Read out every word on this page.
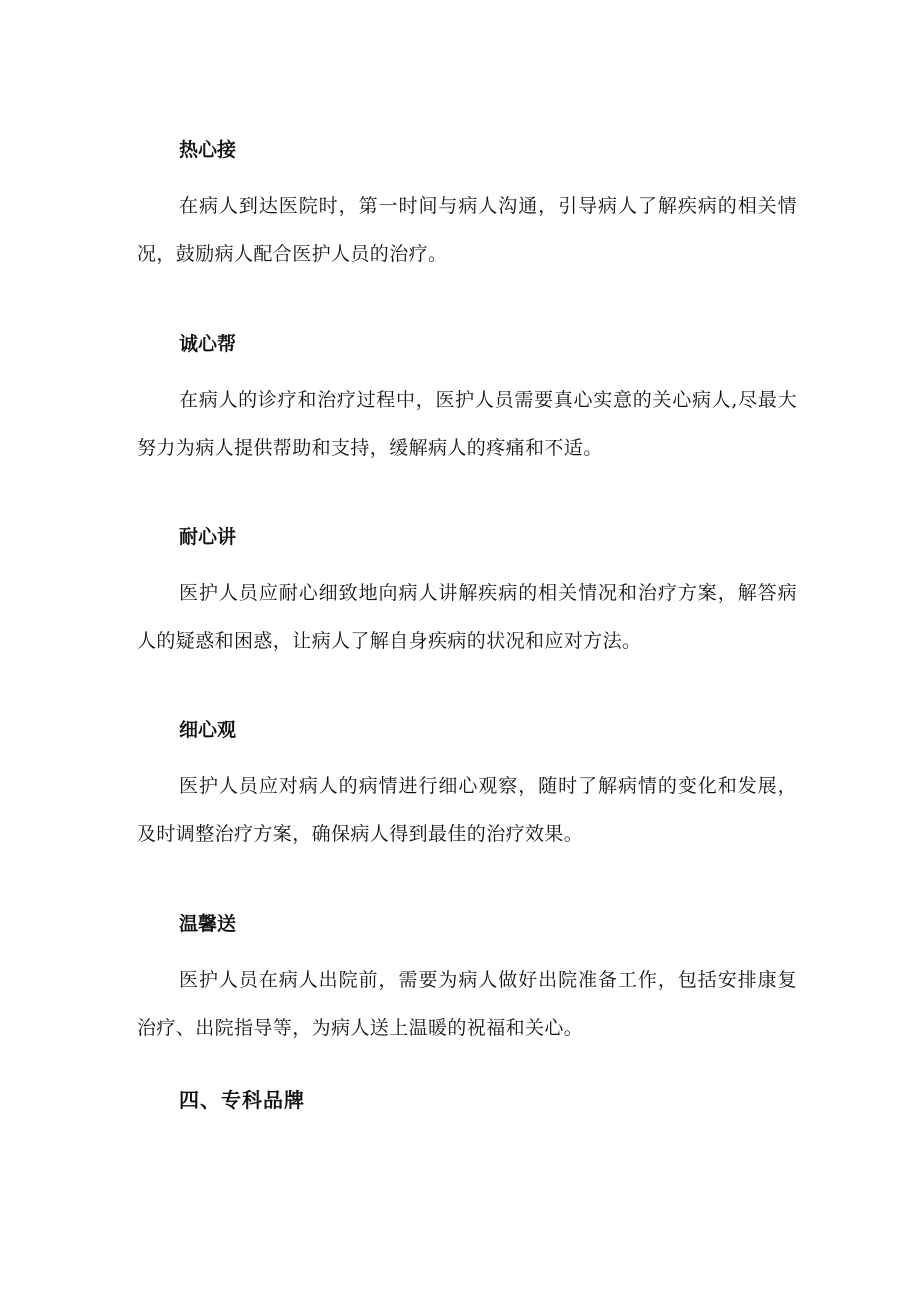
热心接

在病人到达医院时，第一时间与病人沟通，引导病人了解疾病的相关情况，鼓励病人配合医护人员的治疗。

诚心帮

在病人的诊疗和治疗过程中，医护人员需要真心实意的关心病人,尽最大努力为病人提供帮助和支持，缓解病人的疼痛和不适。

耐心讲

医护人员应耐心细致地向病人讲解疾病的相关情况和治疗方案，解答病人的疑惑和困惑，让病人了解自身疾病的状况和应对方法。

细心观

医护人员应对病人的病情进行细心观察，随时了解病情的变化和发展，及时调整治疗方案，确保病人得到最佳的治疗效果。

温馨送

医护人员在病人出院前，需要为病人做好出院准备工作，包括安排康复治疗、出院指导等，为病人送上温暖的祝福和关心。

四、专科品牌
